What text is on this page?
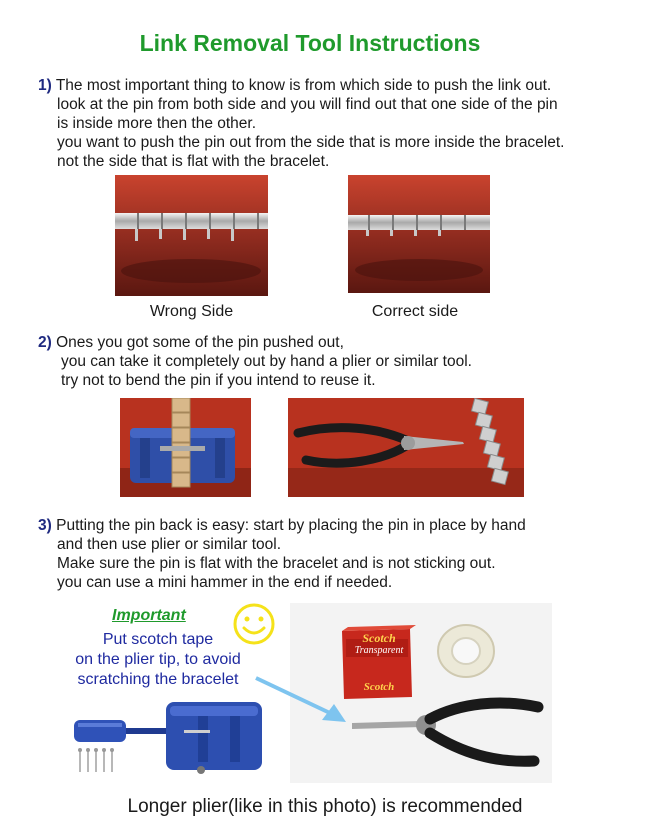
Link Removal Tool Instructions
1) The most important thing to know is from which side to push the link out.
look at the pin from both side and you will find out that one side of the pin
is inside more then the other.
you want to push the pin out from the side that is more inside the bracelet.
not the side that is flat with the bracelet.
Wrong Side	Correct side
2) Ones you got some of the pin pushed out,
you can take it completely out by hand a plier or similar tool.
try not to bend the pin if you intend to reuse it.
3) Putting the pin back is easy: start by placing the pin in place by hand
and then use plier or similar tool.
Make sure the pin is flat with the bracelet and is not sticking out.
you can use a mini hammer in the end if needed.
Important
Put scotch tape
on the plier tip, to avoid
scratching the bracelet
Scotch
Transparent
Scotch
Longer plier(like in this photo) is recommended
